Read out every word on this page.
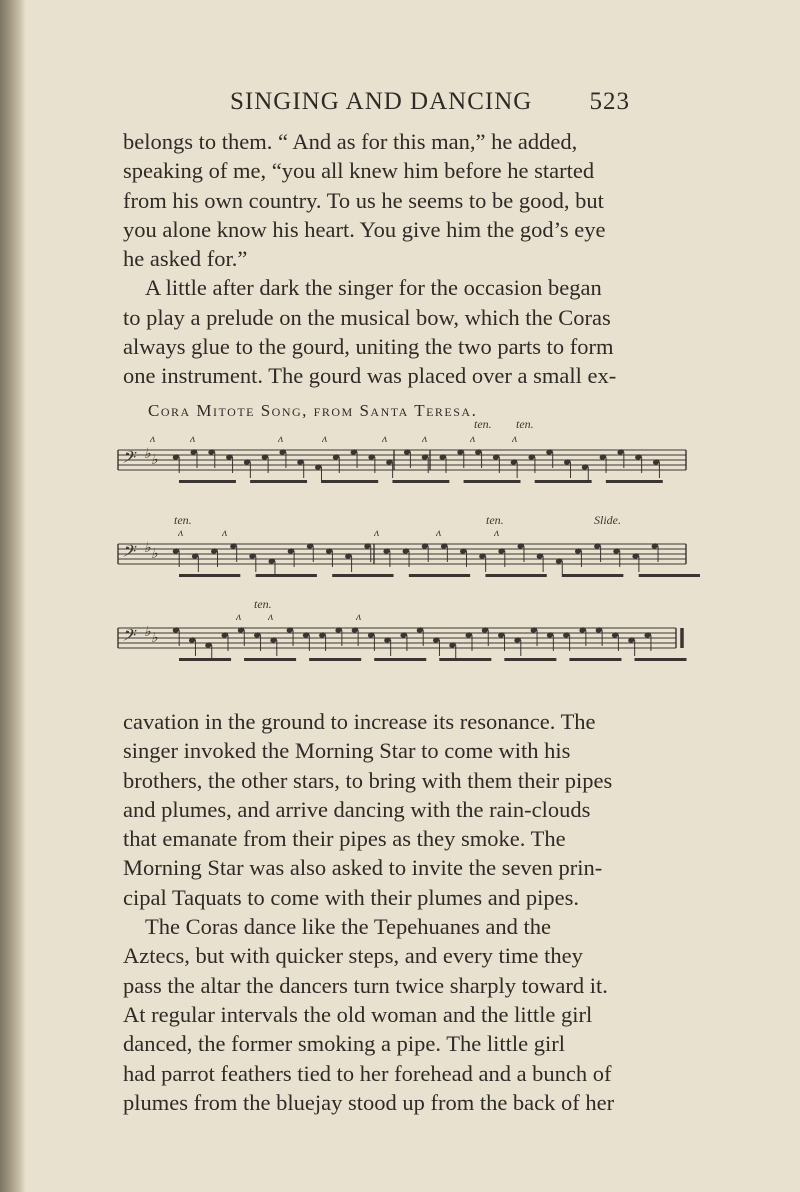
SINGING AND DANCING 523
belongs to them. “ And as for this man,” he added,
speaking of me, “you all knew him before he started
from his own country. To us he seems to be good, but
you alone know his heart. You give him the god’s eye
he asked for.”
A little after dark the singer for the occasion began
to play a prelude on the musical bow, which the Coras
always glue to the gourd, uniting the two parts to form
one instrument. The gourd was placed over a small ex-
Cora Mitote Song, from Santa Teresa.
𝄢 ♭ ♭
ʌ	ʌ	ʌ	ʌ	ʌ	ʌ	ʌ	ʌ
𝄢 ♭ ♭
ʌ	ʌ	ʌ	ʌ	ʌ
𝄢 ♭ ♭
ʌ ʌ	ʌ
ten. ten.
ten.	ten.
ten.
Slide.
cavation in the ground to increase its resonance. The
singer invoked the Morning Star to come with his
brothers, the other stars, to bring with them their pipes
and plumes, and arrive dancing with the rain-clouds
that emanate from their pipes as they smoke. The
Morning Star was also asked to invite the seven prin-
cipal Taquats to come with their plumes and pipes.
The Coras dance like the Tepehuanes and the
Aztecs, but with quicker steps, and every time they
pass the altar the dancers turn twice sharply toward it.
At regular intervals the old woman and the little girl
danced, the former smoking a pipe. The little girl
had parrot feathers tied to her forehead and a bunch of
plumes from the bluejay stood up from the back of her
